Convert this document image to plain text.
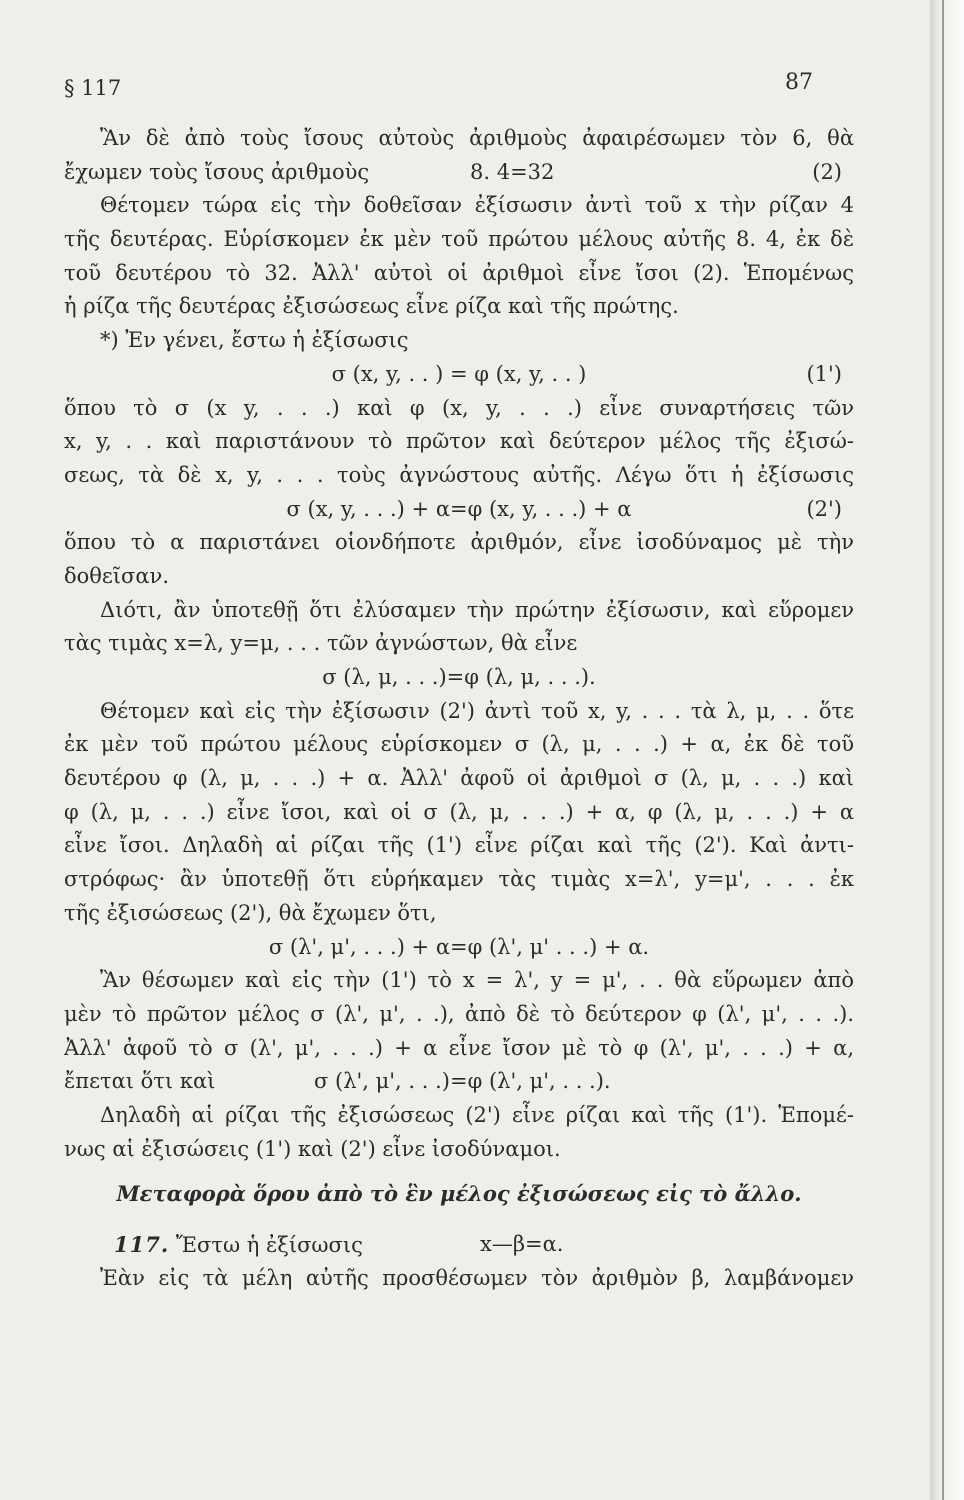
§ 117	87
Ἂν δὲ ἀπὸ τοὺς ἴσους αὐτοὺς ἀριθμοὺς ἀφαιρέσωμεν τὸν 6, θὰ
ἔχωμεν τοὺς ἴσους ἀριθμοὺς	8. 4=32	(2)
Θέτομεν τώρα εἰς τὴν δοθεῖσαν ἐξίσωσιν ἀντὶ τοῦ x τὴν ρίζαν 4
τῆς δευτέρας. Εὑρίσκομεν ἐκ μὲν τοῦ πρώτου μέλους αὐτῆς 8. 4, ἐκ δὲ
τοῦ δευτέρου τὸ 32. Ἀλλ' αὐτοὶ οἱ ἀριθμοὶ εἶνε ἴσοι (2). Ἑπομένως
ἡ ρίζα τῆς δευτέρας ἐξισώσεως εἶνε ρίζα καὶ τῆς πρώτης.
*) Ἐν γένει, ἔστω ἡ ἐξίσωσις
σ (x, y, . . ) = φ (x, y, . . )	(1')
ὅπου τὸ σ (x y, . . .) καὶ φ (x, y, . . .) εἶνε συναρτήσεις τῶν
x, y, . . καὶ παριστάνουν τὸ πρῶτον καὶ δεύτερον μέλος τῆς ἐξισώ-
σεως, τὰ δὲ x, y, . . . τοὺς ἀγνώστους αὐτῆς. Λέγω ὅτι ἡ ἐξίσωσις
σ (x, y, . . .) + α=φ (x, y, . . .) + α	(2')
ὅπου τὸ α παριστάνει οἱονδήποτε ἀριθμόν, εἶνε ἰσοδύναμος μὲ τὴν
δοθεῖσαν.
Διότι, ἂν ὑποτεθῇ ὅτι ἐλύσαμεν τὴν πρώτην ἐξίσωσιν, καὶ εὕρομεν
τὰς τιμὰς x=λ, y=μ, . . . τῶν ἀγνώστων, θὰ εἶνε
σ (λ, μ, . . .)=φ (λ, μ, . . .).
Θέτομεν καὶ εἰς τὴν ἐξίσωσιν (2') ἀντὶ τοῦ x, y, . . . τὰ λ, μ, . . ὅτε
ἐκ μὲν τοῦ πρώτου μέλους εὑρίσκομεν σ (λ, μ, . . .) + α, ἐκ δὲ τοῦ
δευτέρου φ (λ, μ, . . .) + α. Ἀλλ' ἀφοῦ οἱ ἀριθμοὶ σ (λ, μ, . . .) καὶ
φ (λ, μ, . . .) εἶνε ἴσοι, καὶ οἱ σ (λ, μ, . . .) + α, φ (λ, μ, . . .) + α
εἶνε ἴσοι. Δηλαδὴ αἱ ρίζαι τῆς (1') εἶνε ρίζαι καὶ τῆς (2'). Καὶ ἀντι-
στρόφως· ἂν ὑποτεθῇ ὅτι εὑρήκαμεν τὰς τιμὰς x=λ', y=μ', . . . ἐκ
τῆς ἐξισώσεως (2'), θὰ ἔχωμεν ὅτι,
σ (λ', μ', . . .) + α=φ (λ', μ' . . .) + α.
Ἂν θέσωμεν καὶ εἰς τὴν (1') τὸ x = λ', y = μ', . . θὰ εὕρωμεν ἀπὸ
μὲν τὸ πρῶτον μέλος σ (λ', μ', . .), ἀπὸ δὲ τὸ δεύτερον φ (λ', μ', . . .).
Ἀλλ' ἀφοῦ τὸ σ (λ', μ', . . .) + α εἶνε ἴσον μὲ τὸ φ (λ', μ', . . .) + α,
ἔπεται ὅτι καὶ	σ (λ', μ', . . .)=φ (λ', μ', . . .).
Δηλαδὴ αἱ ρίζαι τῆς ἐξισώσεως (2') εἶνε ρίζαι καὶ τῆς (1'). Ἑπομέ-
νως αἱ ἐξισώσεις (1') καὶ (2') εἶνε ἰσοδύναμοι.
Μεταφορὰ ὅρου ἀπὸ τὸ ἓν μέλος ἐξισώσεως εἰς τὸ ἄλλο.
117. Ἔστω ἡ ἐξίσωσις	x—β=α.
Ἐὰν εἰς τὰ μέλη αὐτῆς προσθέσωμεν τὸν ἀριθμὸν β, λαμβάνομεν
